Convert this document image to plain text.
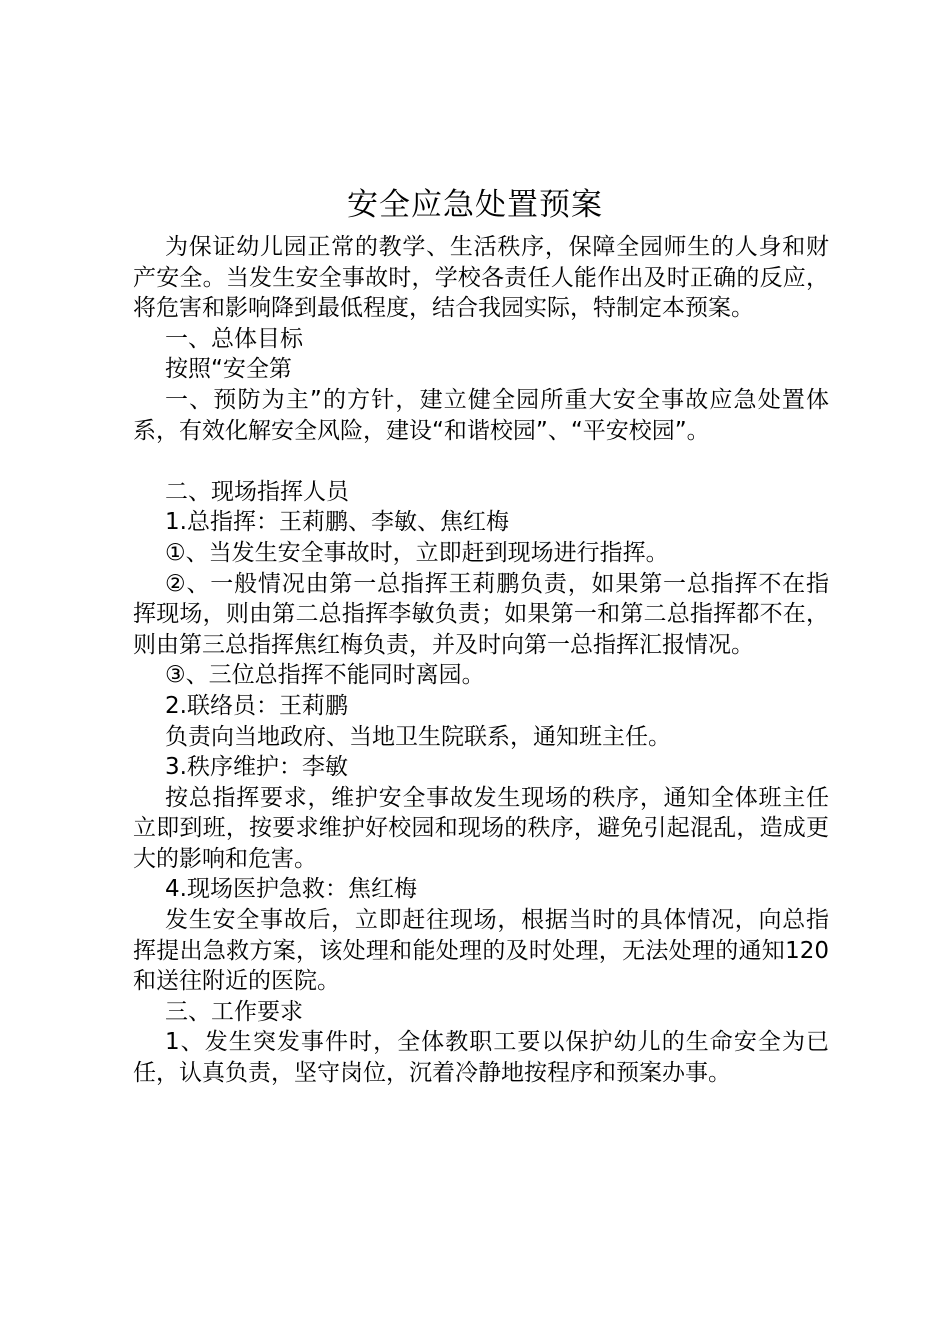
安全应急处置预案

为保证幼儿园正常的教学、生活秩序，保障全园师生的人身和财产安全。当发生安全事故时，学校各责任人能作出及时正确的反应，将危害和影响降到最低程度，结合我园实际，特制定本预案。

一、总体目标

按照“安全第

一、预防为主”的方针，建立健全园所重大安全事故应急处置体系，有效化解安全风险，建设“和谐校园”、“平安校园”。

二、现场指挥人员

1.总指挥：王莉鹏、李敏、焦红梅

①、当发生安全事故时，立即赶到现场进行指挥。

②、一般情况由第一总指挥王莉鹏负责，如果第一总指挥不在指挥现场，则由第二总指挥李敏负责；如果第一和第二总指挥都不在，则由第三总指挥焦红梅负责，并及时向第一总指挥汇报情况。

③、三位总指挥不能同时离园。

2.联络员：王莉鹏

负责向当地政府、当地卫生院联系，通知班主任。

3.秩序维护：李敏

按总指挥要求，维护安全事故发生现场的秩序，通知全体班主任立即到班，按要求维护好校园和现场的秩序，避免引起混乱，造成更大的影响和危害。

4.现场医护急救：焦红梅

发生安全事故后，立即赶往现场，根据当时的具体情况，向总指挥提出急救方案，该处理和能处理的及时处理，无法处理的通知120和送往附近的医院。

三、工作要求

1、发生突发事件时，全体教职工要以保护幼儿的生命安全为已任，认真负责，坚守岗位，沉着冷静地按程序和预案办事。
